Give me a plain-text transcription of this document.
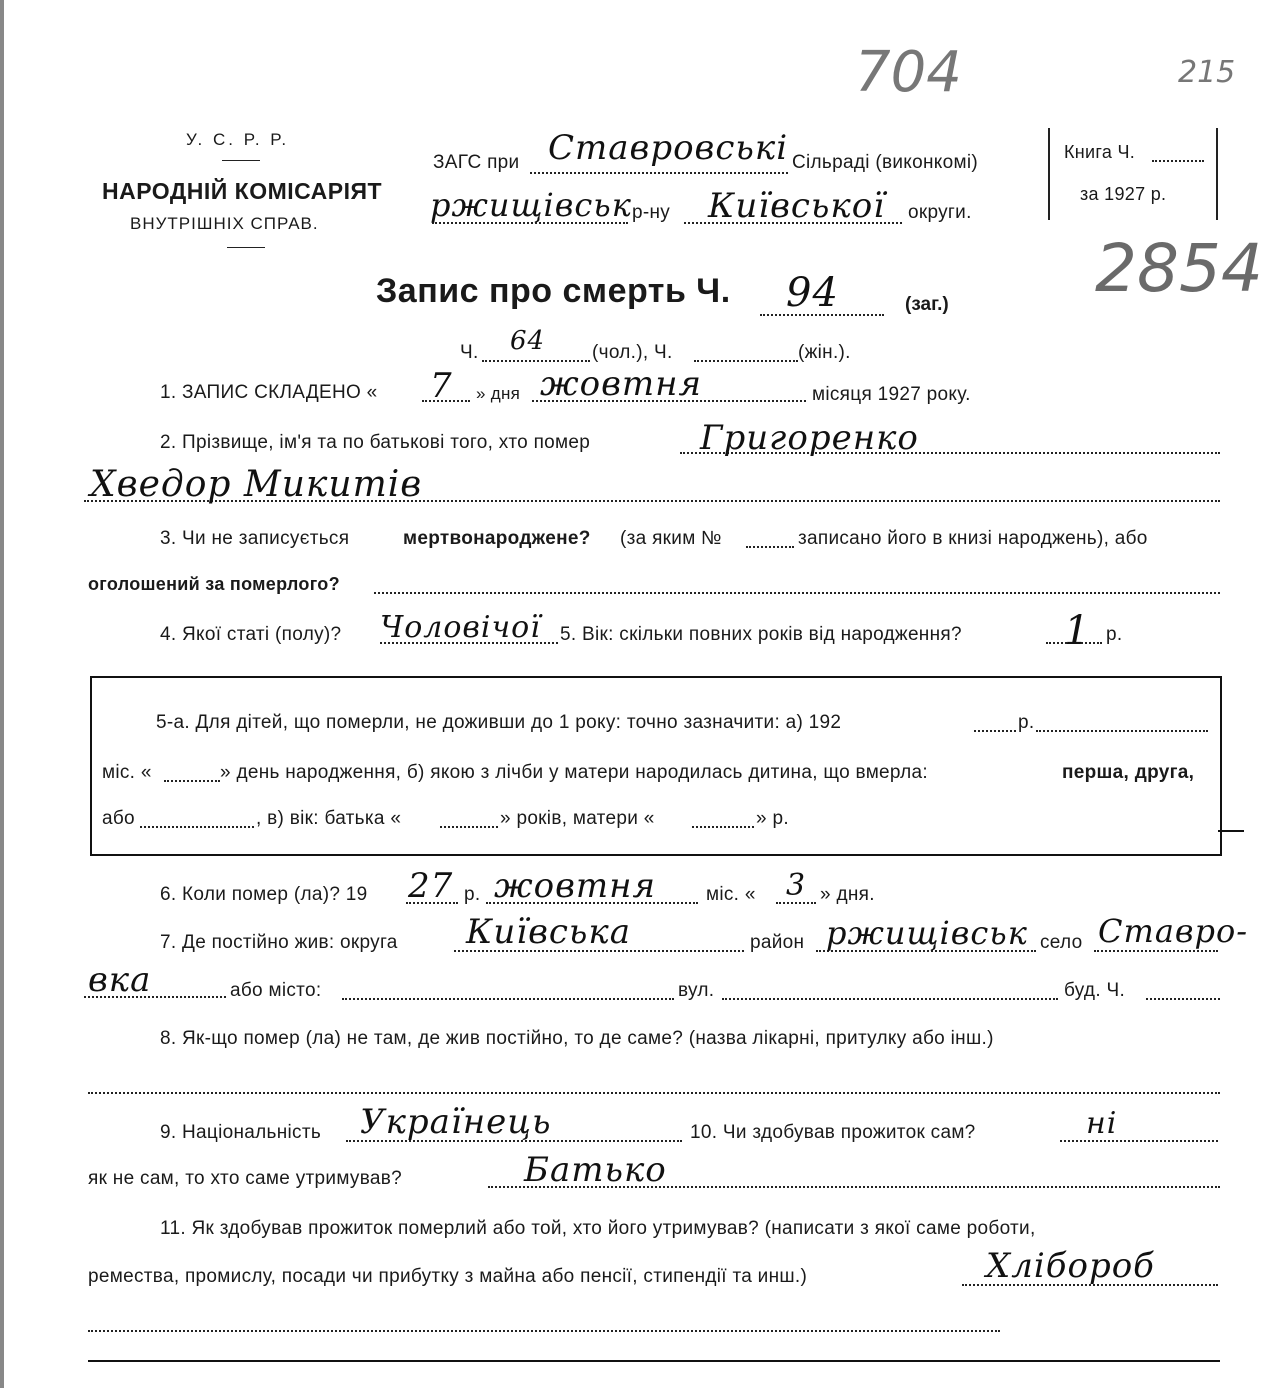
704	215
2854
У. С. Р. Р.
НАРОДНІЙ КОМІСАРІЯТ
ВНУТРІШНІХ СПРАВ.
ЗАГС при Ставровські Сільраді (виконкомі)
ржищівськ р-ну Київської округи.
Книга Ч.
за 1927 р.
Запис про смерть Ч. 94	(заг.)
Ч. 64 (чол.), Ч.	(жін.).
1. ЗАПИС СКЛАДЕНО « 7 » дня жовтня	місяця 1927 року.
2. Прізвище, ім'я та по батькові того, хто помер	Григоренко
Хведор Микитів
3. Чи не записується	мертвонароджене? (за яким №	записано його в книзі народжень), або
оголошений за померлого?
4. Якої статі (полу)? Чоловічої 5. Вік: скільки повних років від народження?	1 р.
5-а. Для дітей, що померли, не доживши до 1 року: точно зазначити: а) 192	р.
міс. «	» день народження, б) якою з лічби у матери народилась дитина, що вмерла:	перша, друга,
або	, в) вік: батька «	» років, матери «	» р.
6. Коли помер (ла)? 19 27 р. жовтня	міс. « 3 » дня.
7. Де постійно жив: округа Київська	район ржищівськ село Ставро-
вка	або місто:	вул.	буд. Ч.
8. Як-що помер (ла) не там, де жив постійно, то де саме? (назва лікарні, притулку або інш.)
9. Національність Українець	10. Чи здобував прожиток сам?	ні
як не сам, то хто саме утримував?	Батько
11. Як здобував прожиток померлий або той, хто його утримував? (написати з якої саме роботи,
ремества, промислу, посади чи прибутку з майна або пенсії, стипендії та инш.)	Хлібороб
